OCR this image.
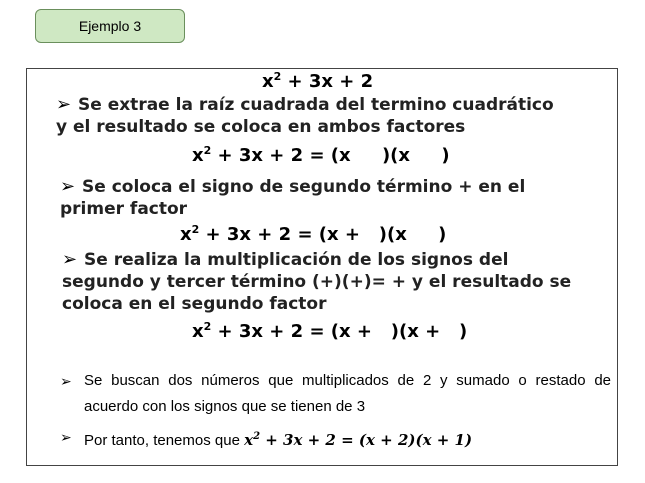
Ejemplo 3
$x^2 + 3x + 2$
➢ Se extrae la raíz cuadrada del termino cuadrático
y el resultado se coloca en ambos factores
$x^2 + 3x + 2 = (x$     )(x     )
➢ Se coloca el signo de segundo término + en el
primer factor
$x^2 + 3x + 2 = (x + )(x$     )
➢ Se realiza la multiplicación de los signos del
segundo y tercer término (+)(+)= + y el resultado se
coloca en el segundo factor
$x^2 + 3x + 2 = (x + )(x$ +   )
➢ Se buscan dos números que multiplicados de 2 y sumado o restado de acuerdo con los signos que se tienen de 3
➢ Por tanto, tenemos que $x^2 + 3x + 2 = (x + 2)(x + 1)$
